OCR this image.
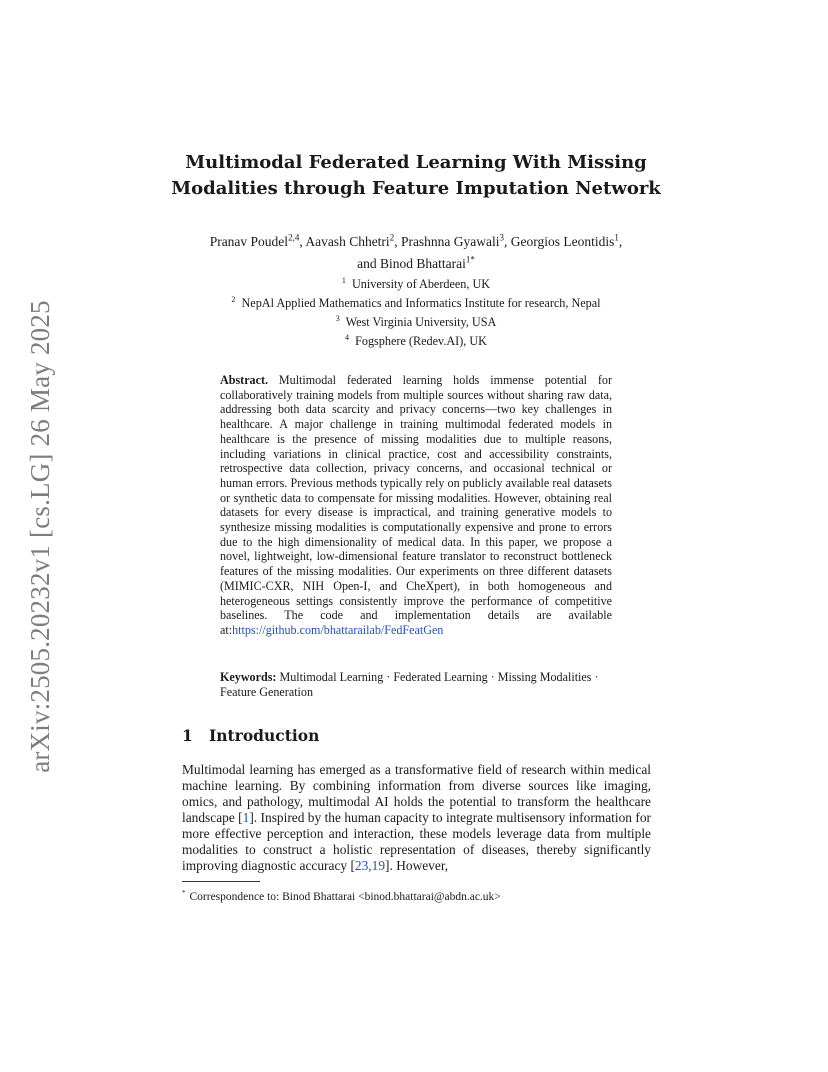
arXiv:2505.20232v1 [cs.LG] 26 May 2025
Multimodal Federated Learning With Missing
Modalities through Feature Imputation Network
Pranav Poudel$^{2,4}$, Aavash Chhetri$^2$, Prashnna Gyawali$^3$, Georgios Leontidis$^1$,
and Binod Bhattarai$^{1*}$
$^1$ University of Aberdeen, UK
$^2$ NepAl Applied Mathematics and Informatics Institute for research, Nepal
$^3$ West Virginia University, USA
$^4$ Fogsphere (Redev.AI), UK
Abstract. Multimodal federated learning holds immense potential for collaboratively training models from multiple sources without sharing raw data, addressing both data scarcity and privacy concerns—two key challenges in healthcare. A major challenge in training multimodal federated models in healthcare is the presence of missing modalities due to multiple reasons, including variations in clinical practice, cost and accessibility constraints, retrospective data collection, privacy concerns, and occasional technical or human errors. Previous methods typically rely on publicly available real datasets or synthetic data to compensate for missing modalities. However, obtaining real datasets for every disease is impractical, and training generative models to synthesize missing modalities is computationally expensive and prone to errors due to the high dimensionality of medical data. In this paper, we propose a novel, lightweight, low-dimensional feature translator to reconstruct bottleneck features of the missing modalities. Our experiments on three different datasets (MIMIC-CXR, NIH Open-I, and CheXpert), in both homogeneous and heterogeneous settings consistently improve the performance of competitive baselines. The code and implementation details are available at:https://github.com/bhattarailab/FedFeatGen
Keywords: Multimodal Learning · Federated Learning · Missing Modalities · Feature Generation
1 Introduction
Multimodal learning has emerged as a transformative field of research within medical machine learning. By combining information from diverse sources like imaging, omics, and pathology, multimodal AI holds the potential to transform the healthcare landscape [1]. Inspired by the human capacity to integrate multisensory information for more effective perception and interaction, these models leverage data from multiple modalities to construct a holistic representation of diseases, thereby significantly improving diagnostic accuracy [23,19]. However,
* Correspondence to: Binod Bhattarai <binod.bhattarai@abdn.ac.uk>
